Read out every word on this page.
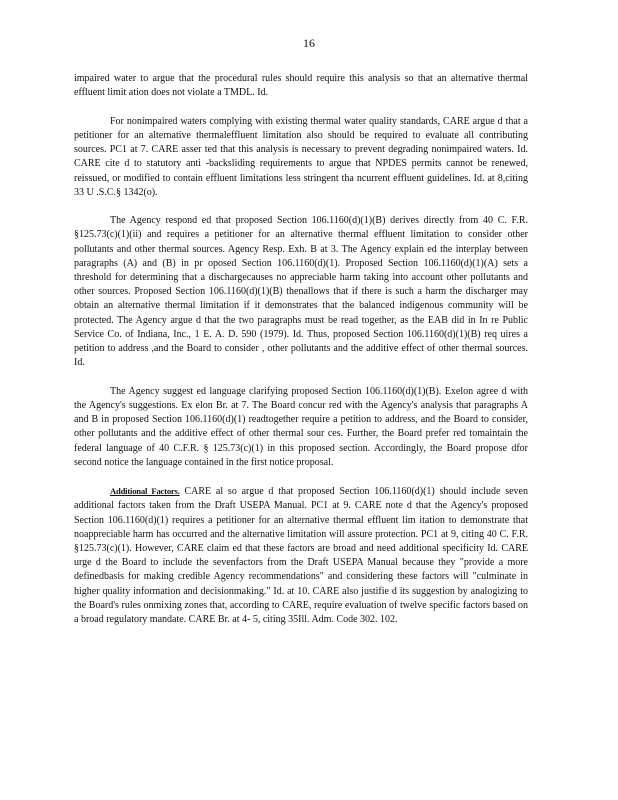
16

impaired water to argue that the procedural rules should require this analysis so that an alternative thermal effluent limit ation does not violate a TMDL. Id.

For nonimpaired waters complying with existing thermal water quality standards, CARE argue d that a petitioner for an alternative thermaleffluent limitation also should be required to evaluate all contributing sources. PC1 at 7. CARE asser ted that this analysis is necessary to prevent degrading nonimpaired waters. Id. CARE cite d to statutory anti -backsliding requirements to argue that NPDES permits cannot be renewed, reissued, or modified to contain effluent limitations less stringent tha ncurrent effluent guidelines. Id. at 8,citing 33 U .S.C.§ 1342(o).

The Agency respond ed that proposed Section 106.1160(d)(1)(B) derives directly from 40 C. F.R. §125.73(c)(1)(ii) and requires a petitioner for an alternative thermal effluent limitation to consider other pollutants and other thermal sources. Agency Resp. Exh. B at 3. The Agency explain ed the interplay between paragraphs (A) and (B) in pr oposed Section 106.1160(d)(1). Proposed Section 106.1160(d)(1)(A) sets a threshold for determining that a dischargecauses no appreciable harm taking into account other pollutants and other sources. Proposed Section 106.1160(d)(1)(B) thenallows that if there is such a harm the discharger may obtain an alternative thermal limitation if it demonstrates that the balanced indigenous community will be protected. The Agency argue d that the two paragraphs must be read together, as the EAB did in In re Public Service Co. of Indiana, Inc., 1 E. A. D. 590 (1979). Id. Thus, proposed Section 106.1160(d)(1)(B) req uires a petition to address ,and the Board to consider , other pollutants and the additive effect of other thermal sources. Id.

The Agency suggest ed language clarifying proposed Section 106.1160(d)(1)(B). Exelon agree d with the Agency's suggestions. Ex elon Br. at 7. The Board concur red with the Agency's analysis that paragraphs A and B in proposed Section 106.1160(d)(1) readtogether require a petition to address, and the Board to consider, other pollutants and the additive effect of other thermal sour ces. Further, the Board prefer red tomaintain the federal language of 40 C.F.R. § 125.73(c)(1) in this proposed section. Accordingly, the Board propose dfor second notice the language contained in the first notice proposal.

Additional Factors. CARE al so argue d that proposed Section 106.1160(d)(1) should include seven additional factors taken from the Draft USEPA Manual. PC1 at 9. CARE note d that the Agency's proposed Section 106.1160(d)(1) requires a petitioner for an alternative thermal effluent lim itation to demonstrate that noappreciable harm has occurred and the alternative limitation will assure protection. PC1 at 9, citing 40 C. F.R. §125.73(c)(1). However, CARE claim ed that these factors are broad and need additional specificity Id. CARE urge d the Board to include the sevenfactors from the Draft USEPA Manual because they "provide a more definedbasis for making credible Agency recommendations" and considering these factors will "culminate in higher quality information and decisionmaking." Id. at 10. CARE also justifie d its suggestion by analogizing to the Board's rules onmixing zones that, according to CARE, require evaluation of twelve specific factors based on a broad regulatory mandate. CARE Br. at 4- 5, citing 35Ill. Adm. Code 302. 102.
